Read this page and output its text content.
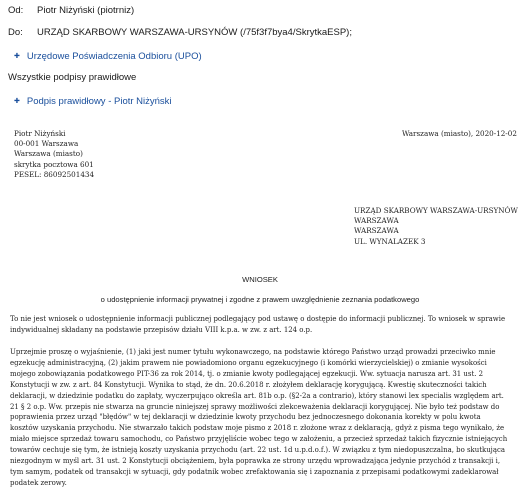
Od: Piotr Niżyński (piotrniz)
Do: URZĄD SKARBOWY WARSZAWA-URSYNÓW (/75f3f7bya4/SkrytkaESP);
✚ Urzędowe Poświadczenia Odbioru (UPO)
Wszystkie podpisy prawidłowe
✚ Podpis prawidłowy - Piotr Niżyński
Piotr Niżyński
00-001 Warszawa
Warszawa (miasto)
skrytka pocztowa 601
PESEL: 86092501434
Warszawa (miasto), 2020-12-02
URZĄD SKARBOWY WARSZAWA-URSYNÓW
WARSZAWA
WARSZAWA
UL. WYNALAZEK 3
WNIOSEK
o udostępnienie informacji prywatnej i zgodne z prawem uwzględnienie zeznania podatkowego
To nie jest wniosek o udostępnienie informacji publicznej podlegający pod ustawę o dostępie do informacji publicznej. To wniosek w sprawie indywidualnej składany na podstawie przepisów działu VIII k.p.a. w zw. z art. 124 o.p.
Uprzejmie proszę o wyjaśnienie, (1) jaki jest numer tytułu wykonawczego, na podstawie którego Państwo urząd prowadzi przeciwko mnie egzekucję administracyjną, (2) jakim prawem nie powiadomiono organu egzekucyjnego (i komórki wierzycielskiej) o zmianie wysokości mojego zobowiązania podatkowego PIT-36 za rok 2014, tj. o zmianie kwoty podlegającej egzekucji. Ww. sytuacja narusza art. 31 ust. 2 Konstytucji w zw. z art. 84 Konstytucji. Wynika to stąd, że dn. 20.6.2018 r. złożyłem deklarację korygującą. Kwestię skuteczności takich deklaracji, w dziedzinie podatku do zapłaty, wyczerpująco określa art. 81b o.p. (§2-2a a contrario), który stanowi lex specialis względem art. 21 § 2 o.p. Ww. przepis nie stwarza na gruncie niniejszej sprawy możliwości zlekceważenia deklaracji korygującej. Nie było też podstaw do poprawienia przez urząd "błędów" w tej deklaracji w dziedzinie kwoty przychodu bez jednoczesnego dokonania korekty w polu kwota kosztów uzyskania przychodu. Nie stwarzało takich podstaw moje pismo z 2018 r. złożone wraz z deklaracją, gdyż z pisma tego wynikało, że miało miejsce sprzedaż towaru samochodu, co Państwo przyjęliście wobec tego w założeniu, a przecież sprzedaż takich fizycznie istniejących towarów cechuje się tym, że istnieją koszty uzyskania przychodu (art. 22 ust. 1d u.p.d.o.f.). W związku z tym niedopuszczalna, bo skutkująca niezgodnym w myśl art. 31 ust. 2 Konstytucji obciążeniem, była poprawka ze strony urzędu wprowadzająca jedynie przychód z transakcji i, tym samym, podatek od transakcji w sytuacji, gdy podatnik wobec zrefaktowania się i zapoznania z przepisami podatkowymi zadeklarował podatek zerowy.
